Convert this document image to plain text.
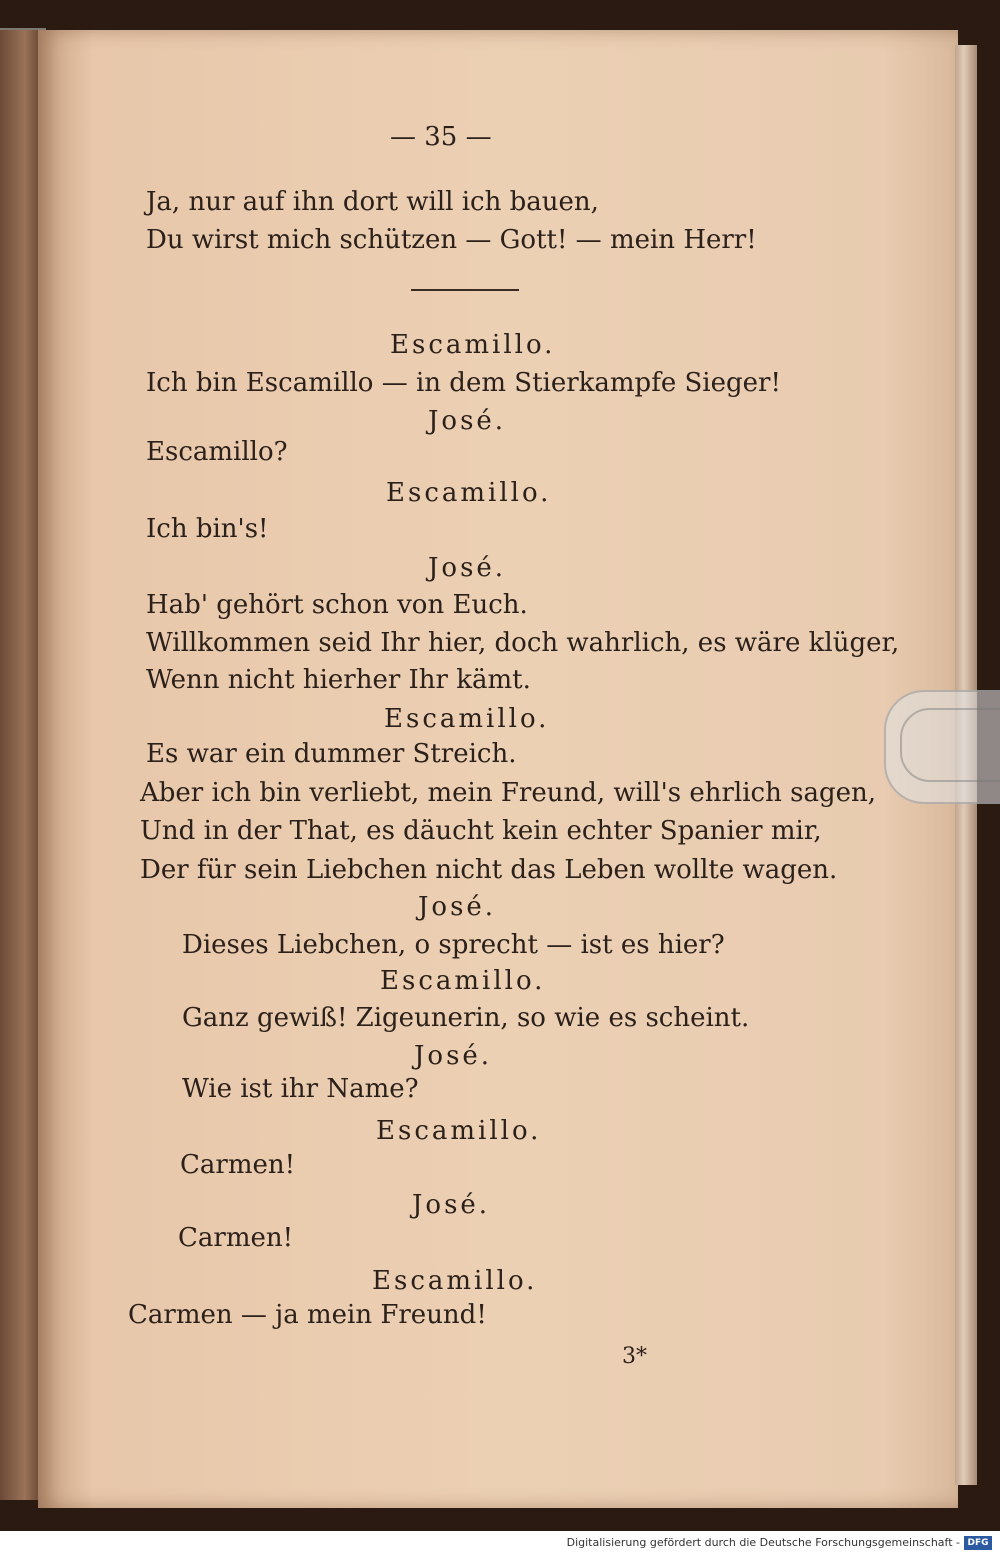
— 35 —
Ja, nur auf ihn dort will ich bauen,
Du wirst mich schützen — Gott! — mein Herr!
Escamillo.
Ich bin Escamillo — in dem Stierkampfe Sieger!
José.
Escamillo?
Escamillo.
Ich bin's!
José.
Hab' gehört schon von Euch.
Willkommen seid Ihr hier, doch wahrlich, es wäre klüger,
Wenn nicht hierher Ihr kämt.
Escamillo.
Es war ein dummer Streich.
Aber ich bin verliebt, mein Freund, will's ehrlich sagen,
Und in der That, es däucht kein echter Spanier mir,
Der für sein Liebchen nicht das Leben wollte wagen.
José.
Dieses Liebchen, o sprecht — ist es hier?
Escamillo.
Ganz gewiß! Zigeunerin, so wie es scheint.
José.
Wie ist ihr Name?
Escamillo.
Carmen!
José.
Carmen!
Escamillo.
Carmen — ja mein Freund!
3*
Digitalisierung gefördert durch die Deutsche Forschungsgemeinschaft - DFG
